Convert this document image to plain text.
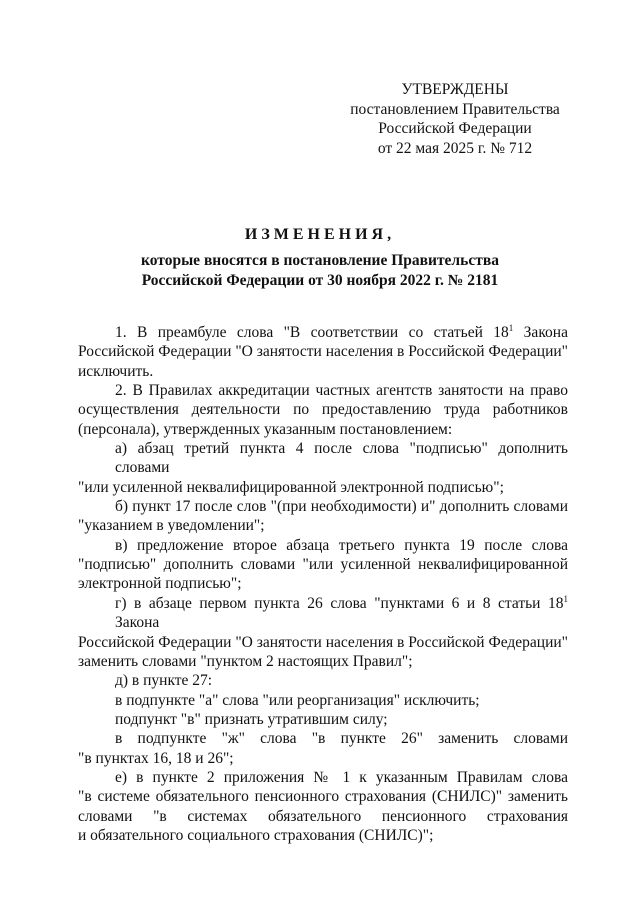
УТВЕРЖДЕНЫ
постановлением Правительства
Российской Федерации
от 22 мая 2025 г. № 712
ИЗМЕНЕНИЯ,
которые вносятся в постановление Правительства
Российской Федерации от 30 ноября 2022 г. № 2181
1. В преамбуле слова "В соответствии со статьей $18^1$ Закона
Российской Федерации "О занятости населения в Российской Федерации"
исключить.
2. В Правилах аккредитации частных агентств занятости на право
осуществления деятельности по предоставлению труда работников
(персонала), утвержденных указанным постановлением:
а) абзац третий пункта 4 после слова "подписью" дополнить словами
"или усиленной неквалифицированной электронной подписью";
б) пункт 17 после слов "(при необходимости) и" дополнить словами
"указанием в уведомлении";
в) предложение второе абзаца третьего пункта 19 после слова
"подписью" дополнить словами "или усиленной неквалифицированной
электронной подписью";
г) в абзаце первом пункта 26 слова "пунктами 6 и 8 статьи $18^1$ Закона
Российской Федерации "О занятости населения в Российской Федерации"
заменить словами "пунктом 2 настоящих Правил";
д) в пункте 27:
в подпункте "а" слова "или реорганизация" исключить;
подпункт "в" признать утратившим силу;
в подпункте "ж" слова "в пункте 26" заменить словами
"в пунктах 16, 18 и 26";
е) в пункте 2 приложения № 1 к указанным Правилам слова
"в системе обязательного пенсионного страхования (СНИЛС)" заменить
словами "в системах обязательного пенсионного страхования
и обязательного социального страхования (СНИЛС)";
